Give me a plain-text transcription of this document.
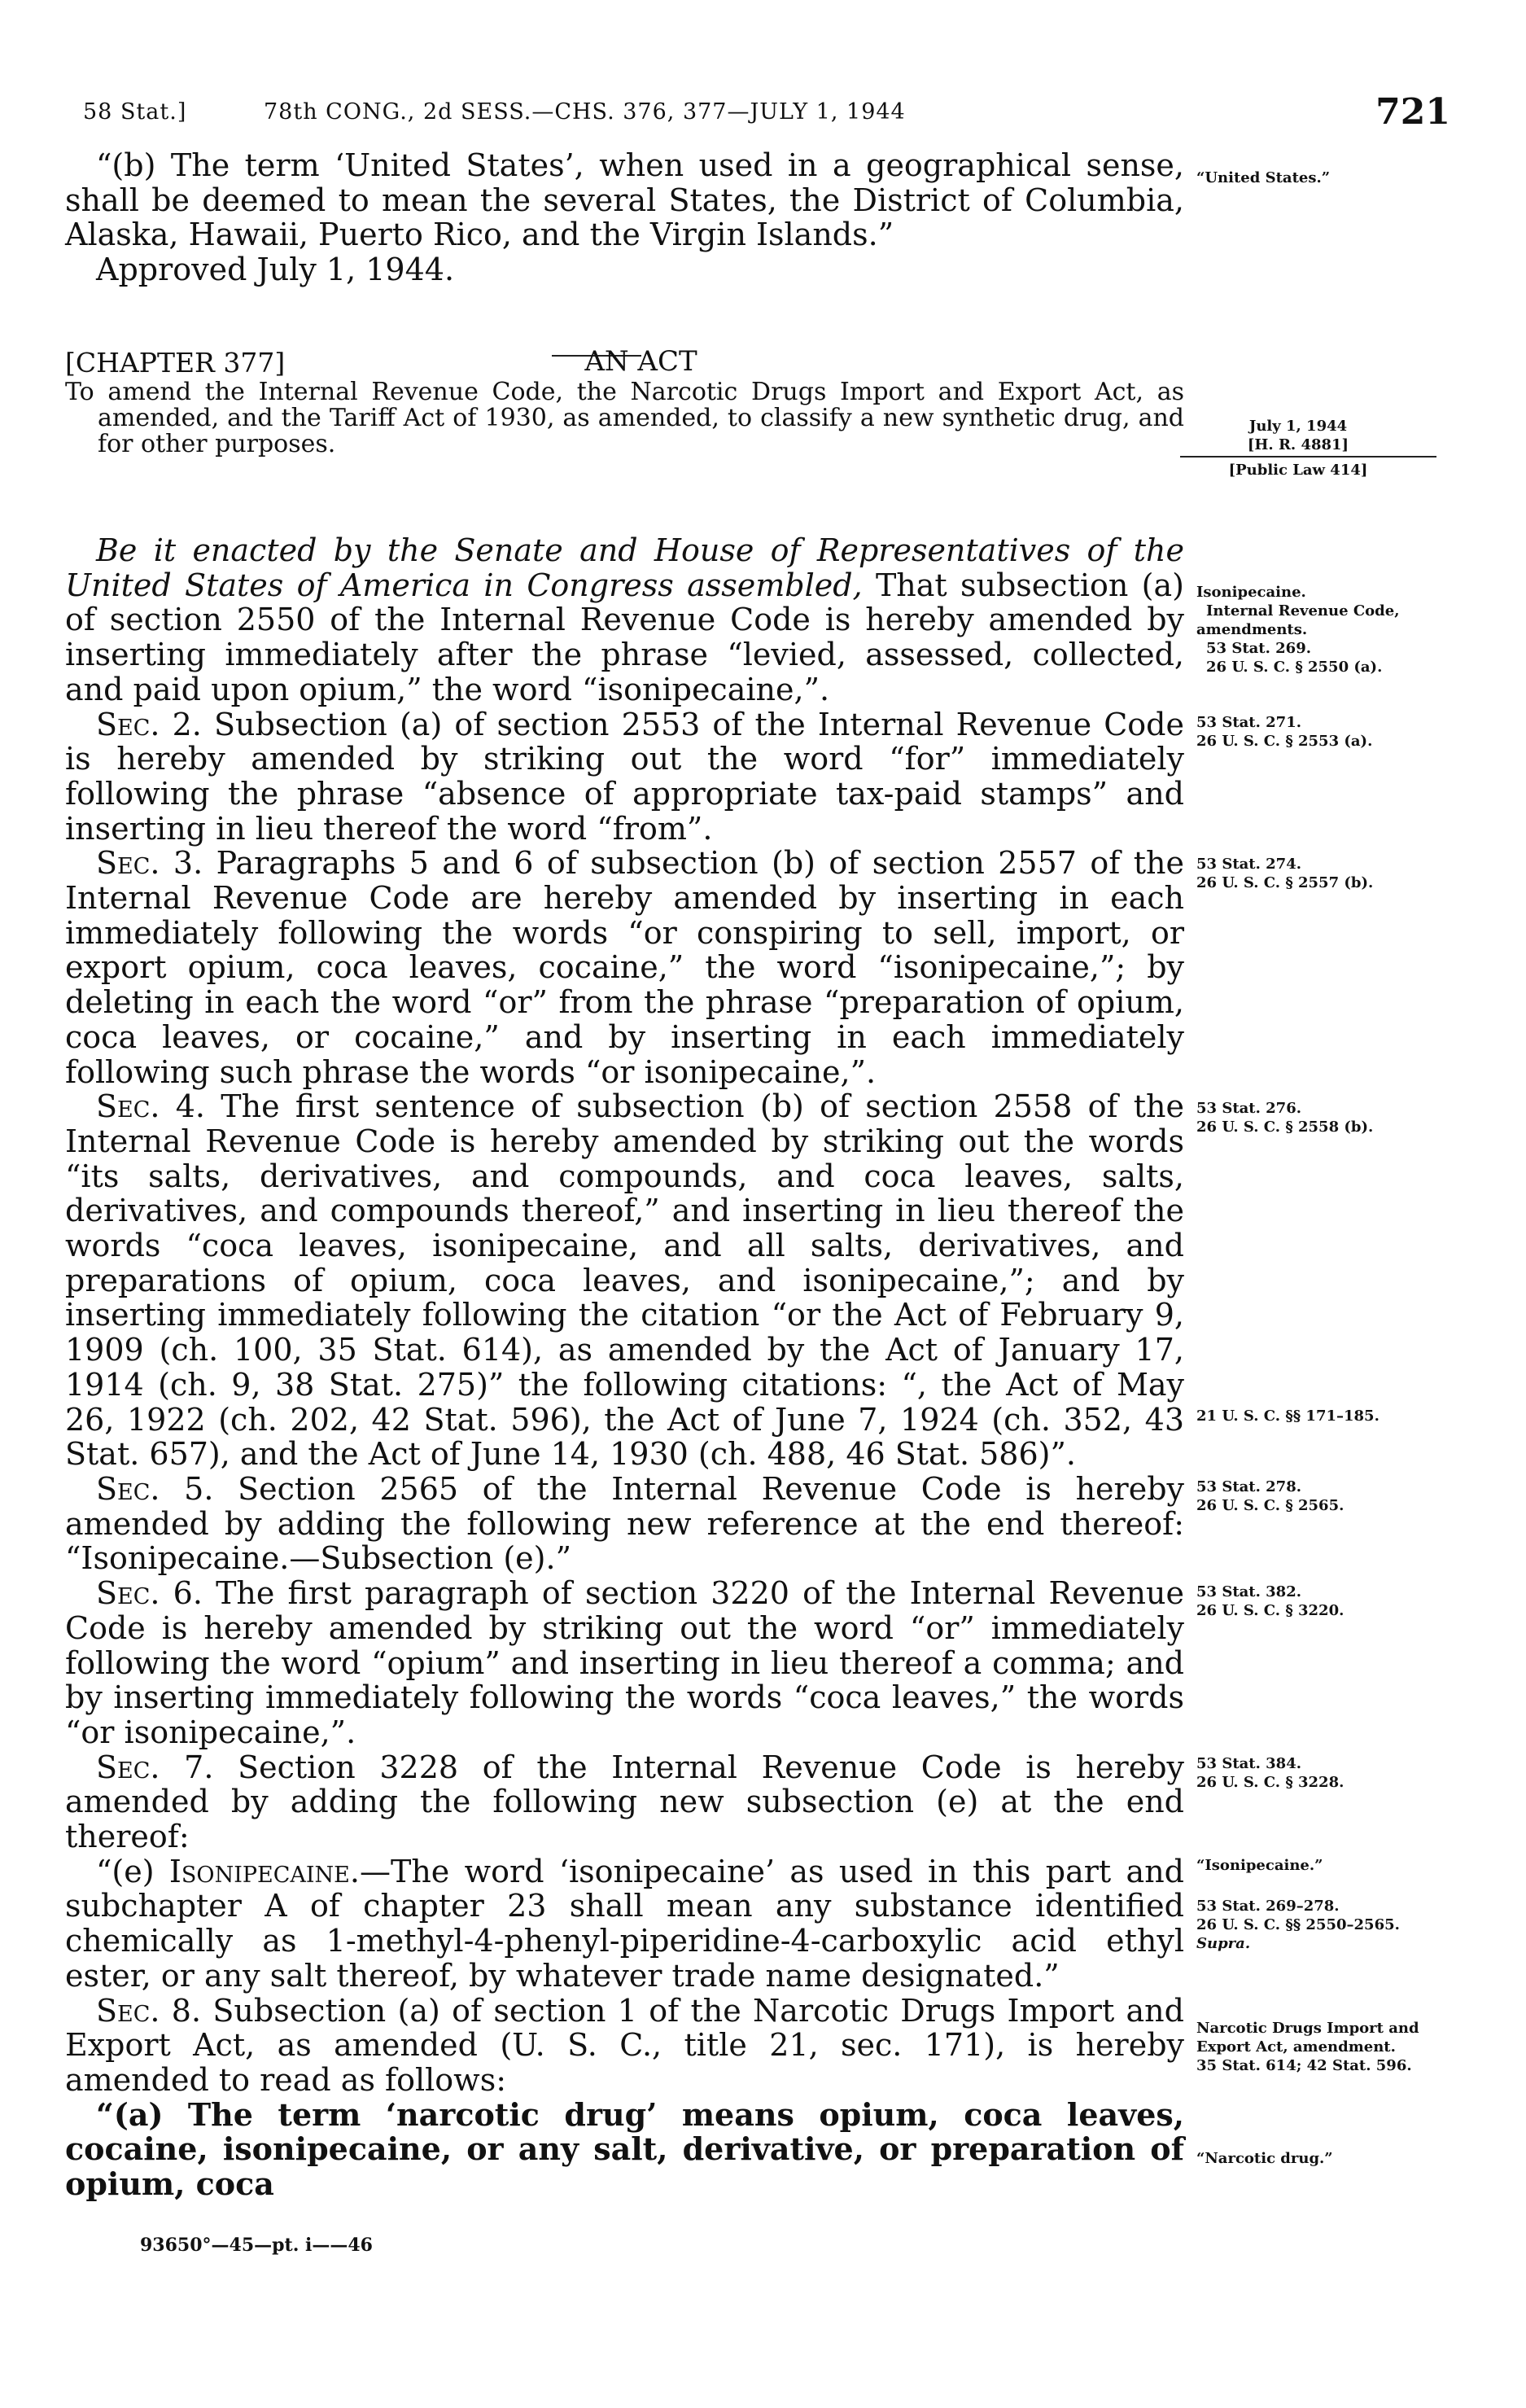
58 Stat.]	78th CONG., 2d SESS.—CHS. 376, 377—JULY 1, 1944	721

“(b) The term ‘United States’, when used in a geographical sense, shall be deemed to mean the several States, the District of Columbia, Alaska, Hawaii, Puerto Rico, and the Virgin Islands.”

Approved July 1, 1944.

[CHAPTER 377]	AN ACT
To amend the Internal Revenue Code, the Narcotic Drugs Import and Export Act, as amended, and the Tariff Act of 1930, as amended, to classify a new synthetic drug, and for other purposes.

Be it enacted by the Senate and House of Representatives of the United States of America in Congress assembled, That subsection (a) of section 2550 of the Internal Revenue Code is hereby amended by inserting immediately after the phrase “levied, assessed, collected, and paid upon opium,” the word “isonipecaine,”.

Sec. 2. Subsection (a) of section 2553 of the Internal Revenue Code is hereby amended by striking out the word “for” immediately following the phrase “absence of appropriate tax-paid stamps” and inserting in lieu thereof the word “from”.

Sec. 3. Paragraphs 5 and 6 of subsection (b) of section 2557 of the Internal Revenue Code are hereby amended by inserting in each immediately following the words “or conspiring to sell, import, or export opium, coca leaves, cocaine,” the word “isonipecaine,”; by deleting in each the word “or” from the phrase “preparation of opium, coca leaves, or cocaine,” and by inserting in each immediately following such phrase the words “or isonipecaine,”.

Sec. 4. The first sentence of subsection (b) of section 2558 of the Internal Revenue Code is hereby amended by striking out the words “its salts, derivatives, and compounds, and coca leaves, salts, derivatives, and compounds thereof,” and inserting in lieu thereof the words “coca leaves, isonipecaine, and all salts, derivatives, and preparations of opium, coca leaves, and isonipecaine,”; and by inserting immediately following the citation “or the Act of February 9, 1909 (ch. 100, 35 Stat. 614), as amended by the Act of January 17, 1914 (ch. 9, 38 Stat. 275)” the following citations: “, the Act of May 26, 1922 (ch. 202, 42 Stat. 596), the Act of June 7, 1924 (ch. 352, 43 Stat. 657), and the Act of June 14, 1930 (ch. 488, 46 Stat. 586)”.

Sec. 5. Section 2565 of the Internal Revenue Code is hereby amended by adding the following new reference at the end thereof: “Isonipecaine.—Subsection (e).”

Sec. 6. The first paragraph of section 3220 of the Internal Revenue Code is hereby amended by striking out the word “or” immediately following the word “opium” and inserting in lieu thereof a comma; and by inserting immediately following the words “coca leaves,” the words “or isonipecaine,”.

Sec. 7. Section 3228 of the Internal Revenue Code is hereby amended by adding the following new subsection (e) at the end thereof:

“(e) Isonipecaine.—The word ‘isonipecaine’ as used in this part and subchapter A of chapter 23 shall mean any substance identified chemically as 1-methyl-4-phenyl-piperidine-4-carboxylic acid ethyl ester, or any salt thereof, by whatever trade name designated.”

Sec. 8. Subsection (a) of section 1 of the Narcotic Drugs Import and Export Act, as amended (U. S. C., title 21, sec. 171), is hereby amended to read as follows:

“(a) The term ‘narcotic drug’ means opium, coca leaves, cocaine, isonipecaine, or any salt, derivative, or preparation of opium, coca

“United States.”
July 1, 1944
[H. R. 4881]
[Public Law 414]
Isonipecaine.
Internal Revenue Code, amendments.
53 Stat. 269.
26 U. S. C. § 2550 (a).
53 Stat. 271.
26 U. S. C. § 2553 (a).
53 Stat. 274.
26 U. S. C. § 2557 (b).
53 Stat. 276.
26 U. S. C. § 2558 (b).
21 U. S. C. §§ 171–185.
53 Stat. 278.
26 U. S. C. § 2565.
53 Stat. 382.
26 U. S. C. § 3220.
53 Stat. 384.
26 U. S. C. § 3228.
“Isonipecaine.”
53 Stat. 269–278.
26 U. S. C. §§ 2550–2565.
Supra.
Narcotic Drugs Import and Export Act, amendment.
35 Stat. 614; 42 Stat. 596.
“Narcotic drug.”
93650°—45—pt. i——46
